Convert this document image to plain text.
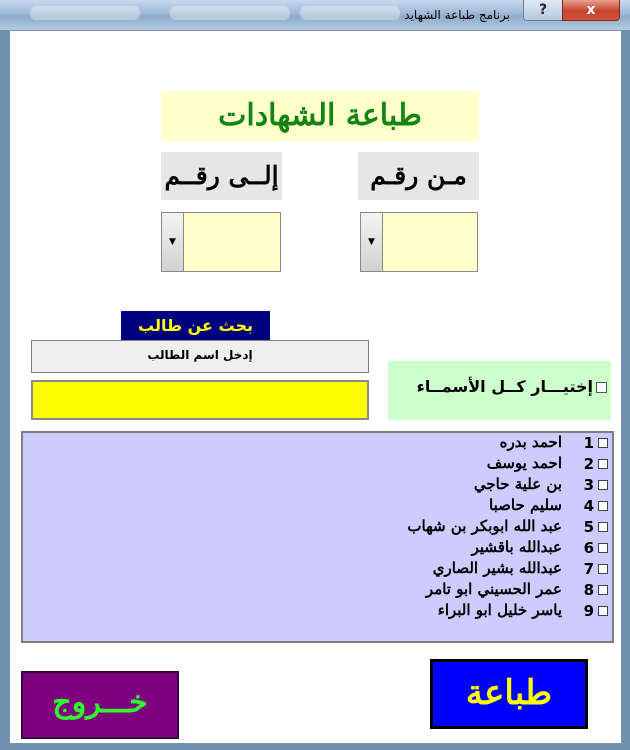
برنامج طباعة الشهايد	?	x
طباعة الشهادات
إلــى رقــم	مـن رقـم
▼	▼
بحث عن طالب
إدخل اسم الطالب
إختيـــار كــل الأسمــاء
1
احمد بدره
2
احمد يوسف
3
بن علية حاجي
4
سليم حاصبا
5
عبد الله ابوبكر بن شهاب
6
عبدالله باقشير
7
عبدالله بشير الصاري
8
عمر الحسيني ابو تامر
9
ياسر خليل ابو البراء
خـــروج	طباعة
